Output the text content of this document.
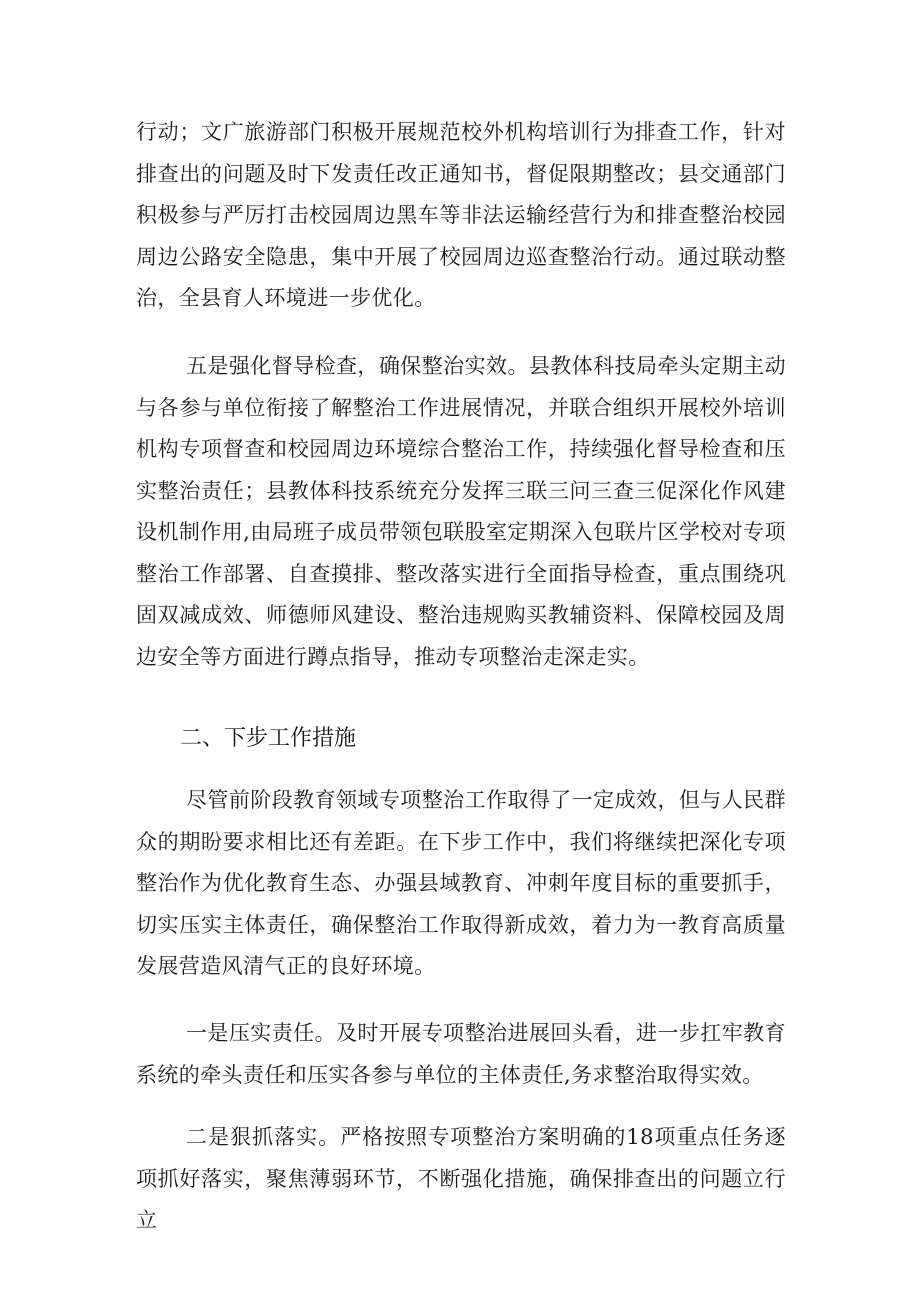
行动；文广旅游部门积极开展规范校外机构培训行为排查工作，针对排查出的问题及时下发责任改正通知书，督促限期整改；县交通部门积极参与严厉打击校园周边黑车等非法运输经营行为和排查整治校园周边公路安全隐患，集中开展了校园周边巡查整治行动。通过联动整治，全县育人环境进一步优化。

五是强化督导检查，确保整治实效。县教体科技局牵头定期主动与各参与单位衔接了解整治工作进展情况，并联合组织开展校外培训机构专项督查和校园周边环境综合整治工作，持续强化督导检查和压实整治责任；县教体科技系统充分发挥三联三问三查三促深化作风建设机制作用,由局班子成员带领包联股室定期深入包联片区学校对专项整治工作部署、自查摸排、整改落实进行全面指导检查，重点围绕巩固双减成效、师德师风建设、整治违规购买教辅资料、保障校园及周边安全等方面进行蹲点指导，推动专项整治走深走实。

二、下步工作措施

尽管前阶段教育领域专项整治工作取得了一定成效，但与人民群众的期盼要求相比还有差距。在下步工作中，我们将继续把深化专项整治作为优化教育生态、办强县域教育、冲刺年度目标的重要抓手，切实压实主体责任，确保整治工作取得新成效，着力为一教育高质量发展营造风清气正的良好环境。

一是压实责任。及时开展专项整治进展回头看，进一步扛牢教育系统的牵头责任和压实各参与单位的主体责任,务求整治取得实效。

二是狠抓落实。严格按照专项整治方案明确的18项重点任务逐项抓好落实，聚焦薄弱环节，不断强化措施，确保排查出的问题立行立
